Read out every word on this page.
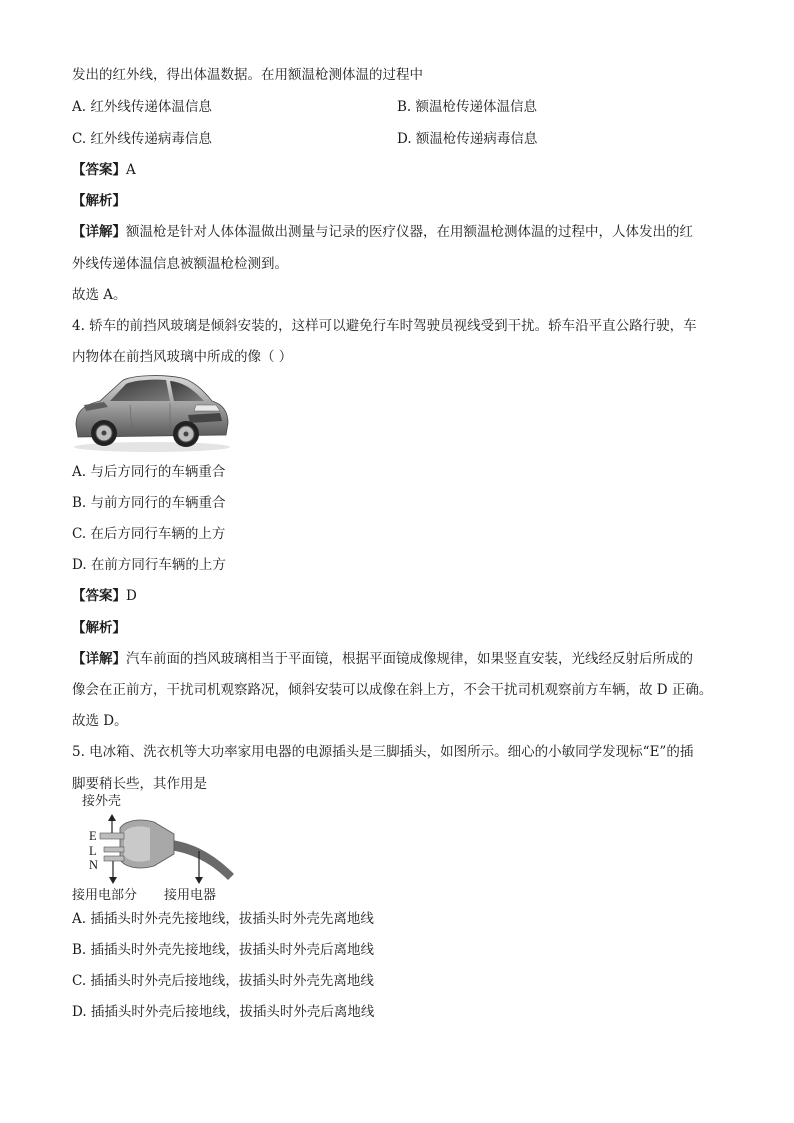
发出的红外线，得出体温数据。在用额温枪测体温的过程中
A. 红外线传递体温信息	B. 额温枪传递体温信息
C. 红外线传递病毒信息	D. 额温枪传递病毒信息
【答案】A
【解析】
【详解】额温枪是针对人体体温做出测量与记录的医疗仪器，在用额温枪测体温的过程中，人体发出的红
外线传递体温信息被额温枪检测到。
故选 A。
4. 轿车的前挡风玻璃是倾斜安装的，这样可以避免行车时驾驶员视线受到干扰。轿车沿平直公路行驶，车
内物体在前挡风玻璃中所成的像（ ）
A. 与后方同行的车辆重合
B. 与前方同行的车辆重合
C. 在后方同行车辆的上方
D. 在前方同行车辆的上方
【答案】D
【解析】
【详解】汽车前面的挡风玻璃相当于平面镜，根据平面镜成像规律，如果竖直安装，光线经反射后所成的
像会在正前方，干扰司机观察路况，倾斜安装可以成像在斜上方，不会干扰司机观察前方车辆，故 D 正确。
故选 D。
5. 电冰箱、洗衣机等大功率家用电器的电源插头是三脚插头，如图所示。细心的小敏同学发现标“E”的插
脚要稍长些，其作用是
接外壳
E
L
N
接用电部分 接用电器
A. 插插头时外壳先接地线，拔插头时外壳先离地线
B. 插插头时外壳先接地线，拔插头时外壳后离地线
C. 插插头时外壳后接地线，拔插头时外壳先离地线
D. 插插头时外壳后接地线，拔插头时外壳后离地线
